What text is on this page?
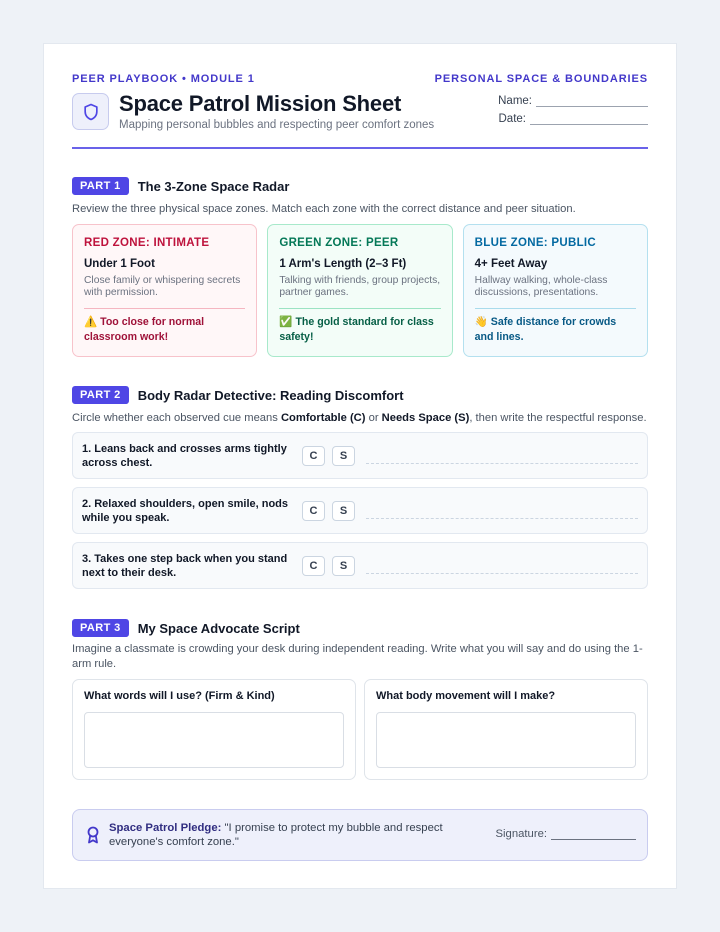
PEER PLAYBOOK • MODULE 1	PERSONAL SPACE & BOUNDARIES
Space Patrol Mission Sheet
Mapping personal bubbles and respecting peer comfort zones
Name:
Date:
PART 1	The 3-Zone Space Radar
Review the three physical space zones. Match each zone with the correct distance and peer situation.
RED ZONE: INTIMATE
Under 1 Foot
Close family or whispering secrets with permission.
⚠️ Too close for normal classroom work!
GREEN ZONE: PEER
1 Arm's Length (2–3 Ft)
Talking with friends, group projects, partner games.
✅ The gold standard for class safety!
BLUE ZONE: PUBLIC
4+ Feet Away
Hallway walking, whole-class discussions, presentations.
👋 Safe distance for crowds and lines.
PART 2	Body Radar Detective: Reading Discomfort
Circle whether each observed cue means Comfortable (C) or Needs Space (S), then write the respectful response.
1. Leans back and crosses arms tightly across chest.
C	S
2. Relaxed shoulders, open smile, nods while you speak.
C	S
3. Takes one step back when you stand next to their desk.
C	S
PART 3	My Space Advocate Script
Imagine a classmate is crowding your desk during independent reading. Write what you will say and do using the 1-arm rule.
What words will I use? (Firm & Kind)	What body movement will I make?
Space Patrol Pledge: "I promise to protect my bubble and respect everyone's comfort zone."
Signature:
